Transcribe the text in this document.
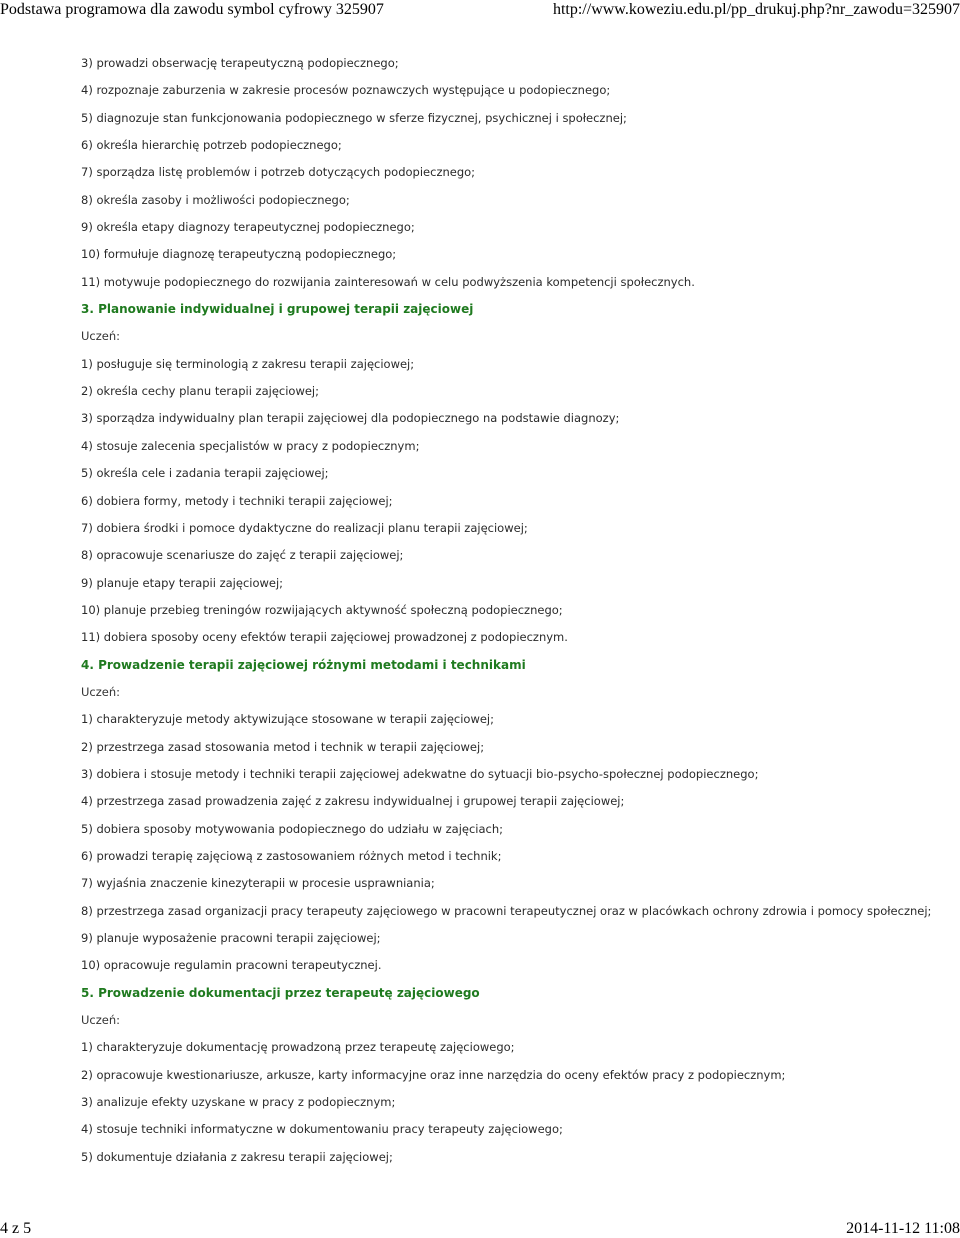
Podstawa programowa dla zawodu symbol cyfrowy 325907	http://www.koweziu.edu.pl/pp_drukuj.php?nr_zawodu=325907
3) prowadzi obserwację terapeutyczną podopiecznego;
4) rozpoznaje zaburzenia w zakresie procesów poznawczych występujące u podopiecznego;
5) diagnozuje stan funkcjonowania podopiecznego w sferze fizycznej, psychicznej i społecznej;
6) określa hierarchię potrzeb podopiecznego;
7) sporządza listę problemów i potrzeb dotyczących podopiecznego;
8) określa zasoby i możliwości podopiecznego;
9) określa etapy diagnozy terapeutycznej podopiecznego;
10) formułuje diagnozę terapeutyczną podopiecznego;
11) motywuje podopiecznego do rozwijania zainteresowań w celu podwyższenia kompetencji społecznych.
3. Planowanie indywidualnej i grupowej terapii zajęciowej
Uczeń:
1) posługuje się terminologią z zakresu terapii zajęciowej;
2) określa cechy planu terapii zajęciowej;
3) sporządza indywidualny plan terapii zajęciowej dla podopiecznego na podstawie diagnozy;
4) stosuje zalecenia specjalistów w pracy z podopiecznym;
5) określa cele i zadania terapii zajęciowej;
6) dobiera formy, metody i techniki terapii zajęciowej;
7) dobiera środki i pomoce dydaktyczne do realizacji planu terapii zajęciowej;
8) opracowuje scenariusze do zajęć z terapii zajęciowej;
9) planuje etapy terapii zajęciowej;
10) planuje przebieg treningów rozwijających aktywność społeczną podopiecznego;
11) dobiera sposoby oceny efektów terapii zajęciowej prowadzonej z podopiecznym.
4. Prowadzenie terapii zajęciowej różnymi metodami i technikami
Uczeń:
1) charakteryzuje metody aktywizujące stosowane w terapii zajęciowej;
2) przestrzega zasad stosowania metod i technik w terapii zajęciowej;
3) dobiera i stosuje metody i techniki terapii zajęciowej adekwatne do sytuacji bio-psycho-społecznej podopiecznego;
4) przestrzega zasad prowadzenia zajęć z zakresu indywidualnej i grupowej terapii zajęciowej;
5) dobiera sposoby motywowania podopiecznego do udziału w zajęciach;
6) prowadzi terapię zajęciową z zastosowaniem różnych metod i technik;
7) wyjaśnia znaczenie kinezyterapii w procesie usprawniania;
8) przestrzega zasad organizacji pracy terapeuty zajęciowego w pracowni terapeutycznej oraz w placówkach ochrony zdrowia i pomocy społecznej;
9) planuje wyposażenie pracowni terapii zajęciowej;
10) opracowuje regulamin pracowni terapeutycznej.
5. Prowadzenie dokumentacji przez terapeutę zajęciowego
Uczeń:
1) charakteryzuje dokumentację prowadzoną przez terapeutę zajęciowego;
2) opracowuje kwestionariusze, arkusze, karty informacyjne oraz inne narzędzia do oceny efektów pracy z podopiecznym;
3) analizuje efekty uzyskane w pracy z podopiecznym;
4) stosuje techniki informatyczne w dokumentowaniu pracy terapeuty zajęciowego;
5) dokumentuje działania z zakresu terapii zajęciowej;
4 z 5	2014-11-12 11:08
